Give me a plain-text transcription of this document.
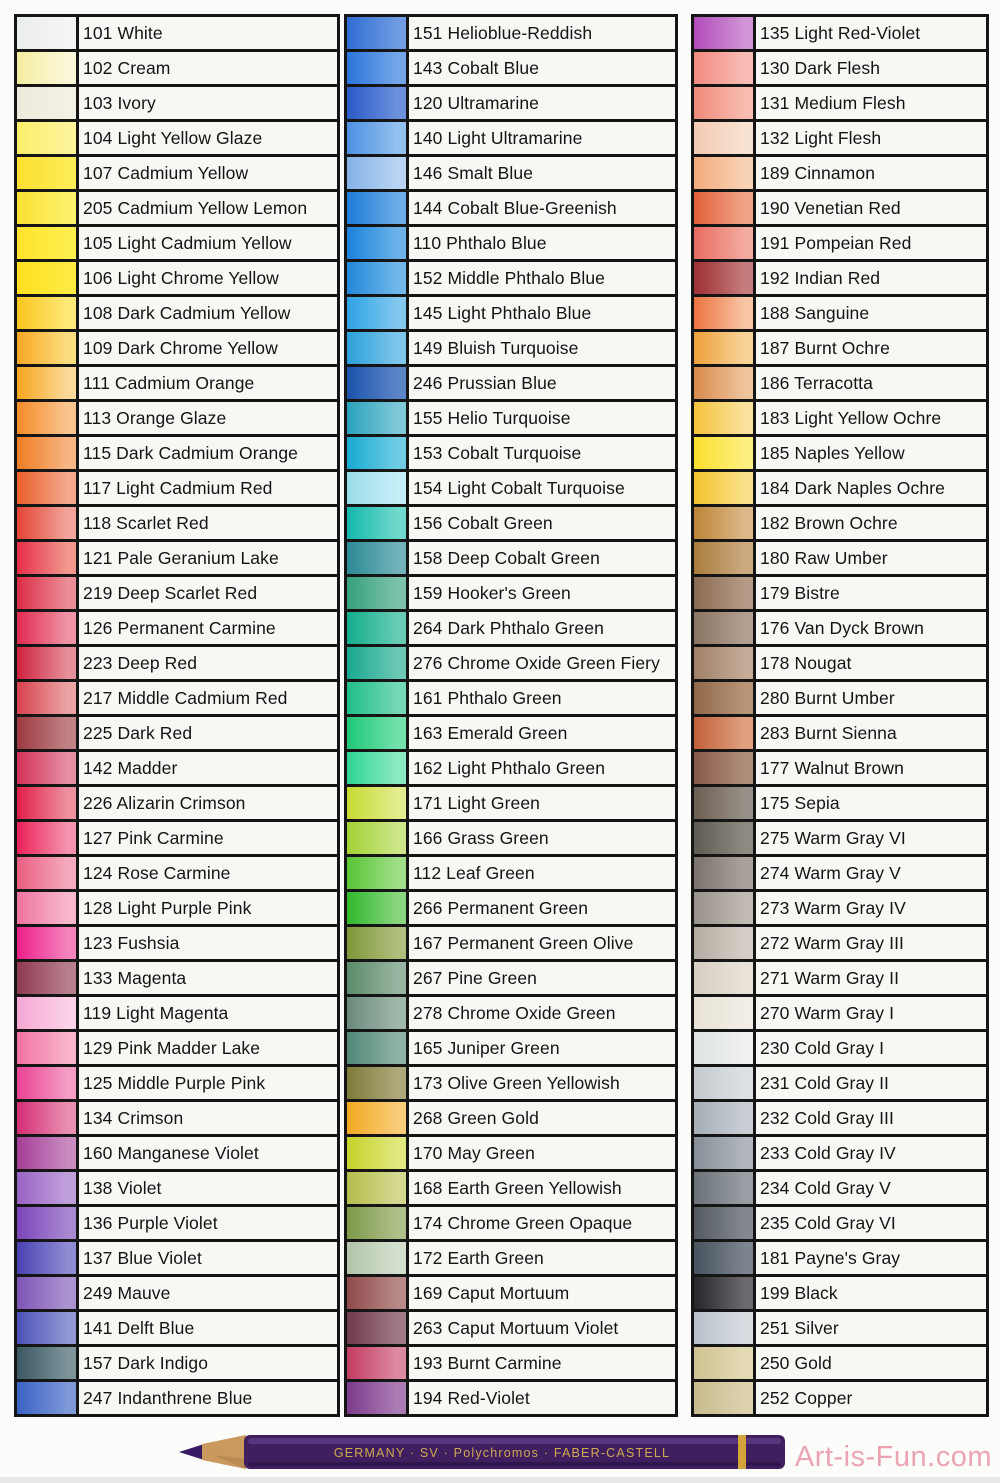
101 White
102 Cream
103 Ivory
104 Light Yellow Glaze
107 Cadmium Yellow
205 Cadmium Yellow Lemon
105 Light Cadmium Yellow
106 Light Chrome Yellow
108 Dark Cadmium Yellow
109 Dark Chrome Yellow
111 Cadmium Orange
113 Orange Glaze
115 Dark Cadmium Orange
117 Light Cadmium Red
118 Scarlet Red
121 Pale Geranium Lake
219 Deep Scarlet Red
126 Permanent Carmine
223 Deep Red
217 Middle Cadmium Red
225 Dark Red
142 Madder
226 Alizarin Crimson
127 Pink Carmine
124 Rose Carmine
128 Light Purple Pink
123 Fushsia
133 Magenta
119 Light Magenta
129 Pink Madder Lake
125 Middle Purple Pink
134 Crimson
160 Manganese Violet
138 Violet
136 Purple Violet
137 Blue Violet
249 Mauve
141 Delft Blue
157 Dark Indigo
247 Indanthrene Blue
151 Helioblue-Reddish
143 Cobalt Blue
120 Ultramarine
140 Light Ultramarine
146 Smalt Blue
144 Cobalt Blue-Greenish
110 Phthalo Blue
152 Middle Phthalo Blue
145 Light Phthalo Blue
149 Bluish Turquoise
246 Prussian Blue
155 Helio Turquoise
153 Cobalt Turquoise
154 Light Cobalt Turquoise
156 Cobalt Green
158 Deep Cobalt Green
159 Hooker's Green
264 Dark Phthalo Green
276 Chrome Oxide Green Fiery
161 Phthalo Green
163 Emerald Green
162 Light Phthalo Green
171 Light Green
166 Grass Green
112 Leaf Green
266 Permanent Green
167 Permanent Green Olive
267 Pine Green
278 Chrome Oxide Green
165 Juniper Green
173 Olive Green Yellowish
268 Green Gold
170 May Green
168 Earth Green Yellowish
174 Chrome Green Opaque
172 Earth Green
169 Caput Mortuum
263 Caput Mortuum Violet
193 Burnt Carmine
194 Red-Violet
135 Light Red-Violet
130 Dark Flesh
131 Medium Flesh
132 Light Flesh
189 Cinnamon
190 Venetian Red
191 Pompeian Red
192 Indian Red
188 Sanguine
187 Burnt Ochre
186 Terracotta
183 Light Yellow Ochre
185 Naples Yellow
184 Dark Naples Ochre
182 Brown Ochre
180 Raw Umber
179 Bistre
176 Van Dyck Brown
178 Nougat
280 Burnt Umber
283 Burnt Sienna
177 Walnut Brown
175 Sepia
275 Warm Gray VI
274 Warm Gray V
273 Warm Gray IV
272 Warm Gray III
271 Warm Gray II
270 Warm Gray I
230 Cold Gray I
231 Cold Gray II
232 Cold Gray III
233 Cold Gray IV
234 Cold Gray V
235 Cold Gray VI
181 Payne's Gray
199 Black
251 Silver
250 Gold
252 Copper
GERMANY · SV · Polychromos · FABER-CASTELL	Art-is-Fun.com
